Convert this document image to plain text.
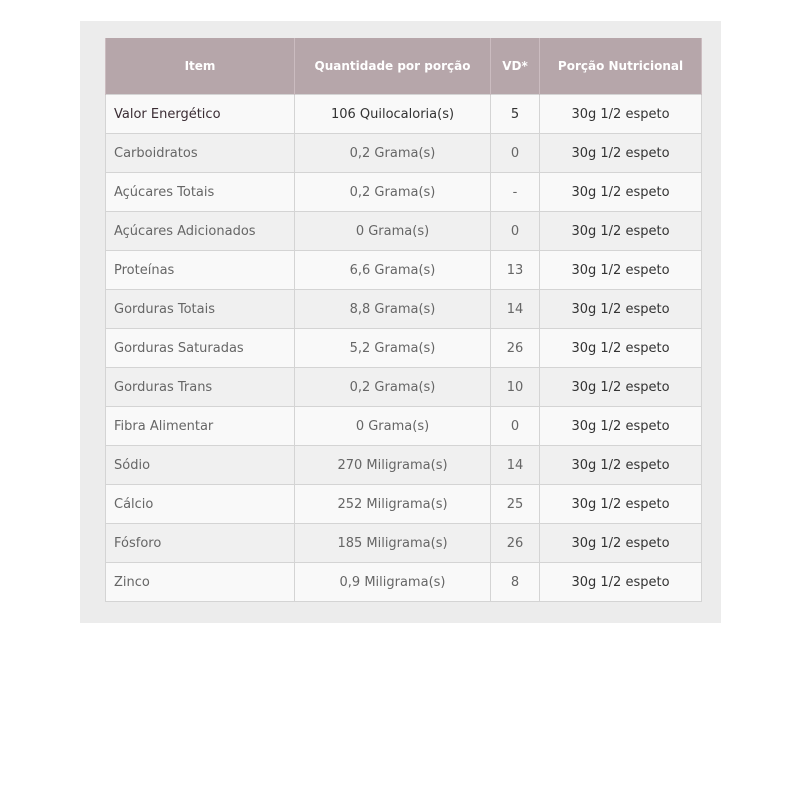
Item	Quantidade por porção	VD*	Porção Nutricional
Valor Energético	106 Quilocaloria(s)	5	30g 1/2 espeto
Carboidratos	0,2 Grama(s)	0	30g 1/2 espeto
Açúcares Totais	0,2 Grama(s)	-	30g 1/2 espeto
Açúcares Adicionados	0 Grama(s)	0	30g 1/2 espeto
Proteínas	6,6 Grama(s)	13	30g 1/2 espeto
Gorduras Totais	8,8 Grama(s)	14	30g 1/2 espeto
Gorduras Saturadas	5,2 Grama(s)	26	30g 1/2 espeto
Gorduras Trans	0,2 Grama(s)	10	30g 1/2 espeto
Fibra Alimentar	0 Grama(s)	0	30g 1/2 espeto
Sódio	270 Miligrama(s)	14	30g 1/2 espeto
Cálcio	252 Miligrama(s)	25	30g 1/2 espeto
Fósforo	185 Miligrama(s)	26	30g 1/2 espeto
Zinco	0,9 Miligrama(s)	8	30g 1/2 espeto
